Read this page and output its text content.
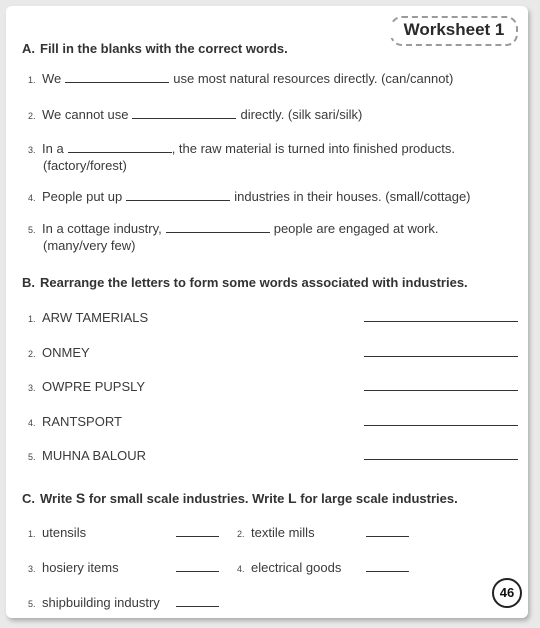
Worksheet 1
A. Fill in the blanks with the correct words.
1. We	use most natural resources directly. (can/cannot)
2. We cannot use	directly. (silk sari/silk)
3. In a	, the raw material is turned into finished products.
(factory/forest)
4. People put up	industries in their houses. (small/cottage)
5. In a cottage industry,	people are engaged at work.
(many/very few)
B. Rearrange the letters to form some words associated with industries.
1. ARW TAMERIALS
2. ONMEY
3. OWPRE PUPSLY
4. RANTSPORT
5. MUHNA BALOUR
C. Write S for small scale industries. Write L for large scale industries.
1. utensils	2. textile mills
3. hosiery items	4. electrical goods
5. shipbuilding industry
46
